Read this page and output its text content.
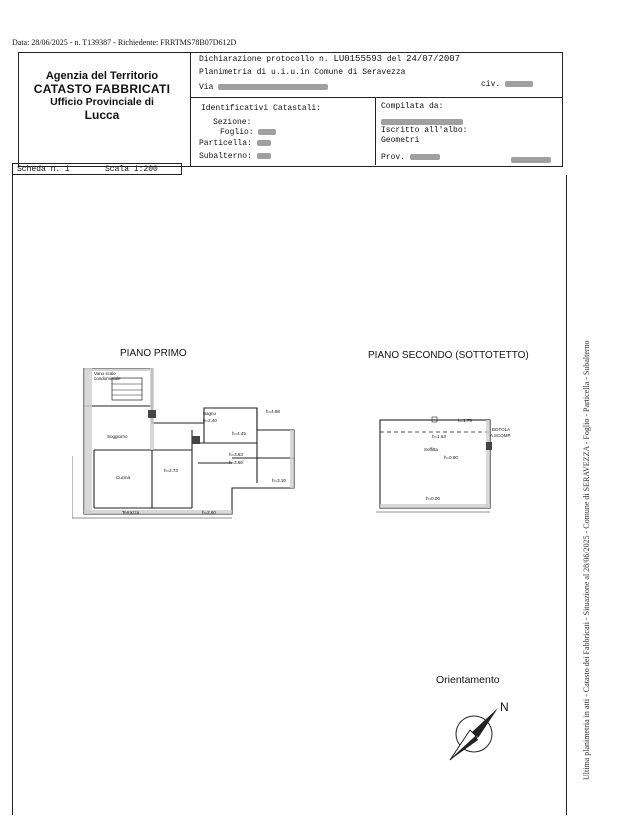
Data: 28/06/2025 - n. T139387 - Richiedente: FRRTMS78B07D612D
Agenzia del Territorio
CATASTO FABBRICATI
Ufficio Provinciale di
Lucca
Dichiarazione protocollo n. LU0155593 del 24/07/2007
Planimetria di u.i.u.in Comune di Seravezza
Via	civ.
Identificativi Catastali:
Sezione:
Foglio:
Particella:
Subalterno:
Compilata da:
Iscritto all'albo:
Geometri
Prov.
Scheda n. 1	Scala 1:200
PIANO PRIMO	PIANO SECONDO (SOTTOTETTO)
Vano scale
condominiale
Bagno
h=2.40
h=4.98
h=4.45
Soggiorno
h=3.63
h=3.60
h=2.73
Cucina
h=3.10
h=2.60
Terrazza
h=1.75
BOTOLA
A SCOMP.
h=1.63
Soffitta
h=0.90
h=0.00
Orientamento
N	Ultima planimetria in atti - Catasto dei Fabbricati - Situazione al 28/06/2025 - Comune di SERAVEZZA - Foglio - Particella - Subalterno
